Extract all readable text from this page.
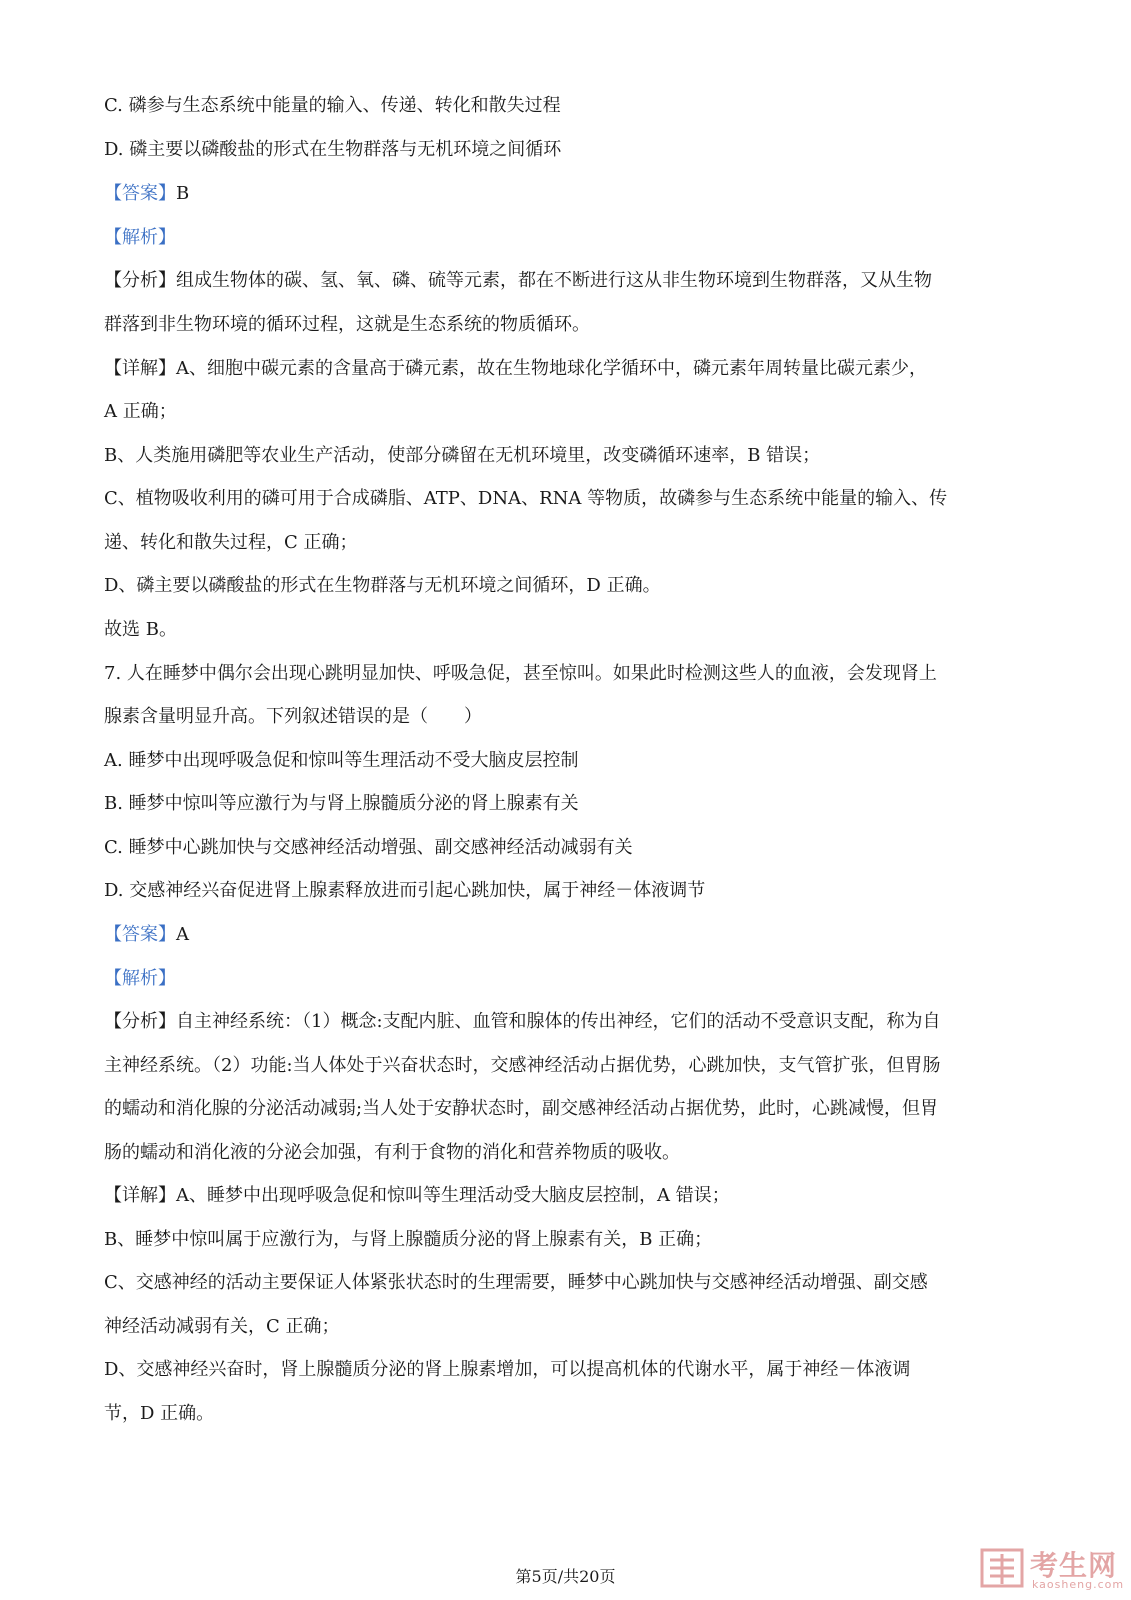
C. 磷参与生态系统中能量的输入、传递、转化和散失过程
D. 磷主要以磷酸盐的形式在生物群落与无机环境之间循环
【答案】B
【解析】
【分析】组成生物体的碳、氢、氧、磷、硫等元素，都在不断进行这从非生物环境到生物群落，又从生物
群落到非生物环境的循环过程，这就是生态系统的物质循环。
【详解】A、细胞中碳元素的含量高于磷元素，故在生物地球化学循环中，磷元素年周转量比碳元素少，
A 正确；
B、人类施用磷肥等农业生产活动，使部分磷留在无机环境里，改变磷循环速率，B 错误；
C、植物吸收利用的磷可用于合成磷脂、ATP、DNA、RNA 等物质，故磷参与生态系统中能量的输入、传
递、转化和散失过程，C 正确；
D、磷主要以磷酸盐的形式在生物群落与无机环境之间循环，D 正确。
故选 B。
7. 人在睡梦中偶尔会出现心跳明显加快、呼吸急促，甚至惊叫。如果此时检测这些人的血液，会发现肾上
腺素含量明显升高。下列叙述错误的是（　　）
A. 睡梦中出现呼吸急促和惊叫等生理活动不受大脑皮层控制
B. 睡梦中惊叫等应激行为与肾上腺髓质分泌的肾上腺素有关
C. 睡梦中心跳加快与交感神经活动增强、副交感神经活动减弱有关
D. 交感神经兴奋促进肾上腺素释放进而引起心跳加快，属于神经－体液调节
【答案】A
【解析】
【分析】自主神经系统：（1）概念:支配内脏、血管和腺体的传出神经，它们的活动不受意识支配，称为自
主神经系统。（2）功能:当人体处于兴奋状态时，交感神经活动占据优势，心跳加快，支气管扩张，但胃肠
的蠕动和消化腺的分泌活动减弱;当人处于安静状态时，副交感神经活动占据优势，此时，心跳减慢，但胃
肠的蠕动和消化液的分泌会加强，有利于食物的消化和营养物质的吸收。
【详解】A、睡梦中出现呼吸急促和惊叫等生理活动受大脑皮层控制，A 错误；
B、睡梦中惊叫属于应激行为，与肾上腺髓质分泌的肾上腺素有关，B 正确；
C、交感神经的活动主要保证人体紧张状态时的生理需要，睡梦中心跳加快与交感神经活动增强、副交感
神经活动减弱有关，C 正确；
D、交感神经兴奋时，肾上腺髓质分泌的肾上腺素增加，可以提高机体的代谢水平，属于神经－体液调
节，D 正确。
第5页/共20页	考生网
kaosheng.com
